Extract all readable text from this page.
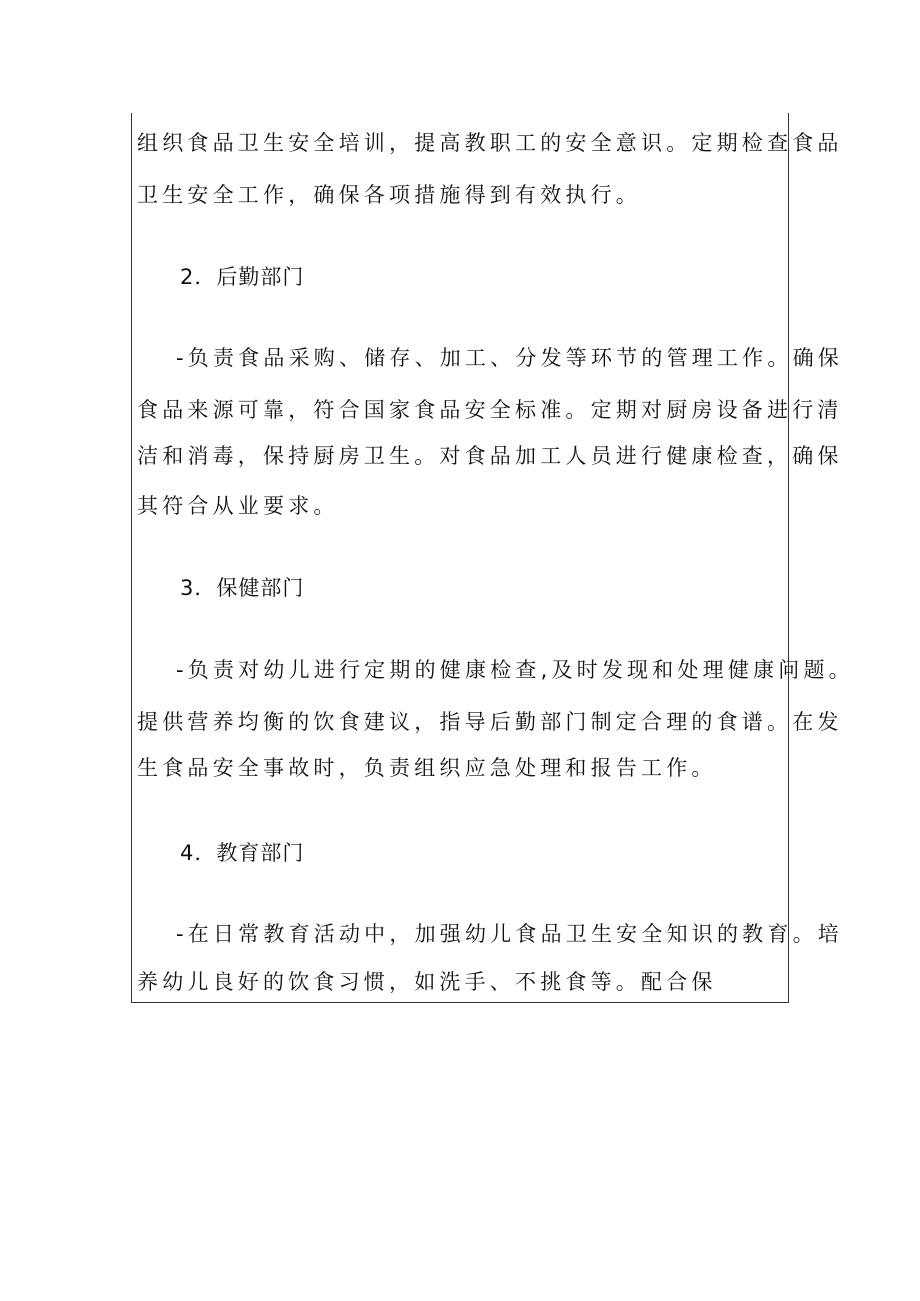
组织食品卫生安全培训，提高教职工的安全意识。定期检查食品
卫生安全工作，确保各项措施得到有效执行。
2．后勤部门
-负责食品采购、储存、加工、分发等环节的管理工作。确保
食品来源可靠，符合国家食品安全标准。定期对厨房设备进行清
洁和消毒，保持厨房卫生。对食品加工人员进行健康检查，确保
其符合从业要求。
3．保健部门
-负责对幼儿进行定期的健康检查,及时发现和处理健康问题。
提供营养均衡的饮食建议，指导后勤部门制定合理的食谱。在发
生食品安全事故时，负责组织应急处理和报告工作。
4．教育部门
-在日常教育活动中，加强幼儿食品卫生安全知识的教育。培
养幼儿良好的饮食习惯，如洗手、不挑食等。配合保
